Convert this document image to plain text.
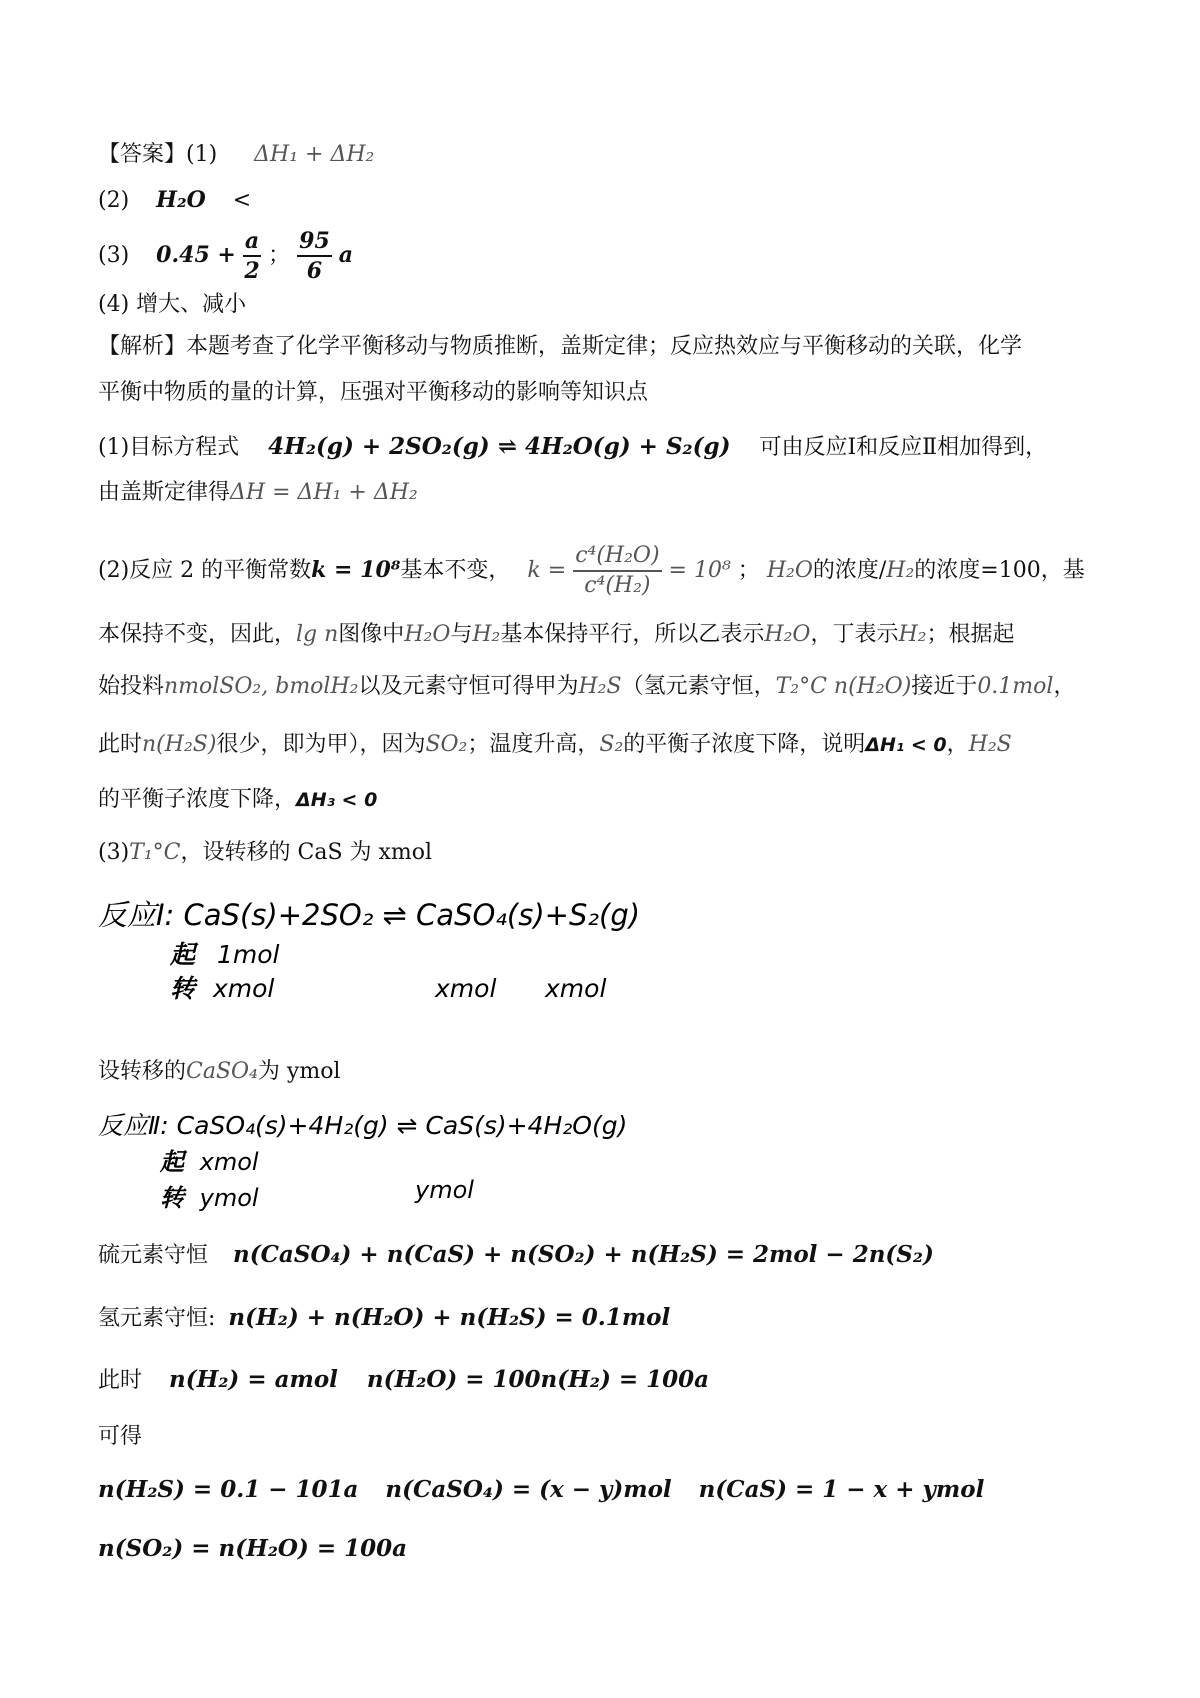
【答案】(1) ΔH₁ + ΔH₂
(2) H₂O <
(3) $0.45 + \frac{a}{2}$ ； $\frac{95}{6}$ a
(4) 增大、减小
【解析】本题考查了化学平衡移动与物质推断，盖斯定律；反应热效应与平衡移动的关联，化学
平衡中物质的量的计算，压强对平衡移动的影响等知识点
(1)目标方程式 4H₂(g) + 2SO₂(g) ⇌ 4H₂O(g) + S₂(g) 可由反应Ⅰ和反应Ⅱ相加得到，
由盖斯定律得ΔH = ΔH₁ + ΔH₂
(2)反应 2 的平衡常数k = 10⁸基本不变， $k = \frac{\text{c⁴(H₂O)}}{\text{c⁴(H₂)}} = 10^8$ ； H₂O的浓度/H₂的浓度=100，基
本保持不变，因此，lg n图像中H₂O与H₂基本保持平行，所以乙表示H₂O，丁表示H₂；根据起
始投料nmolSO₂, bmolH₂以及元素守恒可得甲为H₂S（氢元素守恒，T₂°C n(H₂O)接近于0.1mol，
此时n(H₂S)很少，即为甲），因为SO₂；温度升高，S₂的平衡子浓度下降，说明ΔH₁ < 0，H₂S
的平衡子浓度下降，ΔH₃ < 0
(3)T₁°C，设转移的 CaS 为 xmol
反应Ⅰ: CaS(s)+2SO₂ ⇌ CaSO₄(s)+S₂(g)
起 1mol
转 xmol	xmol xmol
设转移的CaSO₄为 ymol
反应Ⅱ: CaSO₄(s)+4H₂(g) ⇌ CaS(s)+4H₂O(g)
起 xmol
转 ymol	ymol
硫元素守恒 n(CaSO₄) + n(CaS) + n(SO₂) + n(H₂S) = 2mol − 2n(S₂)
氢元素守恒: n(H₂) + n(H₂O) + n(H₂S) = 0.1mol
此时 n(H₂) = amol n(H₂O) = 100n(H₂) = 100a
可得
n(H₂S) = 0.1 − 101a n(CaSO₄) = (x − y)mol n(CaS) = 1 − x + ymol
n(SO₂) = n(H₂O) = 100a
